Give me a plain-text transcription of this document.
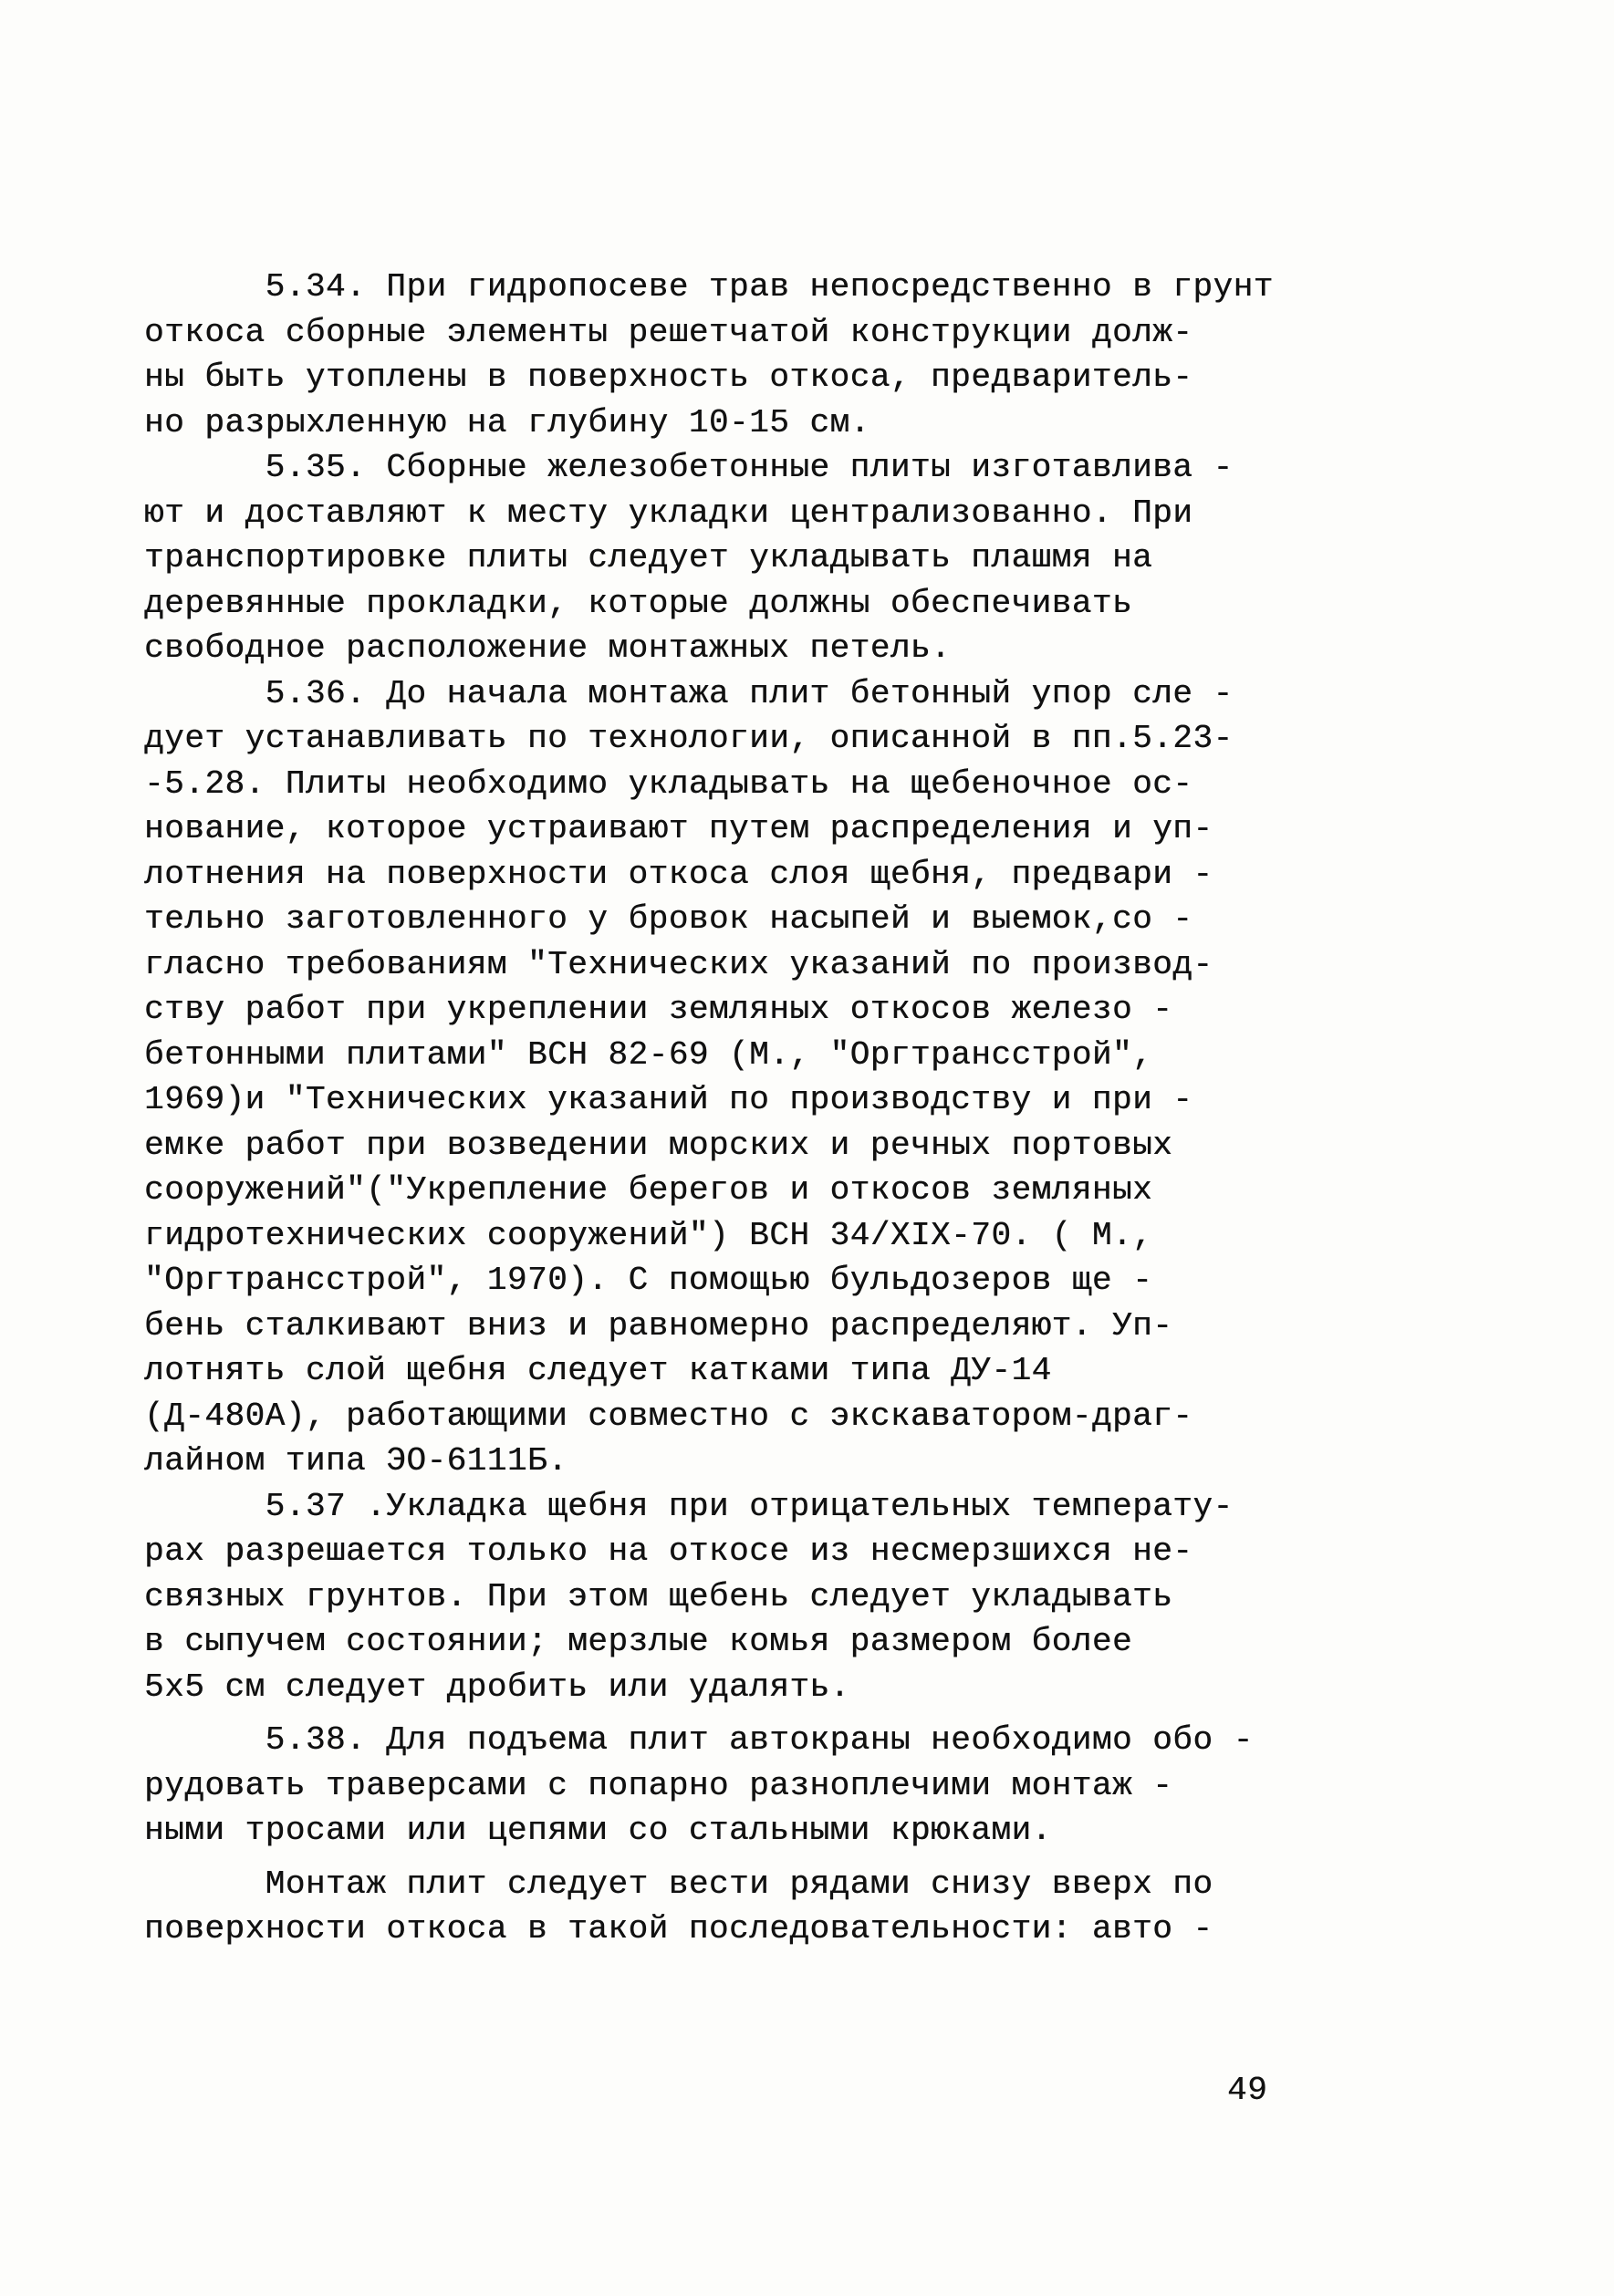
5.34. При гидропосеве трав непосредственно в грунт
откоса сборные элементы решетчатой конструкции долж-
ны быть утоплены в поверхность откоса, предваритель-
но разрыхленную на глубину 10-15 см.
5.35. Сборные железобетонные плиты изготавлива -
ют и доставляют к месту укладки централизованно. При
транспортировке плиты следует укладывать плашмя на
деревянные прокладки, которые должны обеспечивать
свободное расположение монтажных петель.
5.36. До начала монтажа плит бетонный упор сле -
дует устанавливать по технологии, описанной в пп.5.23-
-5.28. Плиты необходимо укладывать на щебеночное ос-
нование, которое устраивают путем распределения и уп-
лотнения на поверхности откоса слоя щебня, предвари -
тельно заготовленного у бровок насыпей и выемок,со -
гласно требованиям "Технических указаний по производ-
ству работ при укреплении земляных откосов железо -
бетонными плитами" ВСН 82-69 (М., "Оргтрансстрой",
1969)и "Технических указаний по производству и при -
емке работ при возведении морских и речных портовых
сооружений"("Укрепление берегов и откосов земляных
гидротехнических сооружений") ВСН 34/XIX-70. ( М.,
"Оргтрансстрой", 1970). С помощью бульдозеров ще -
бень сталкивают вниз и равномерно распределяют. Уп-
лотнять слой щебня следует катками типа ДУ-14
(Д-480А), работающими совместно с экскаватором-драг-
лайном типа ЭО-6111Б.
5.37 .Укладка щебня при отрицательных температу-
рах разрешается только на откосе из несмерзшихся не-
связных грунтов. При этом щебень следует укладывать
в сыпучем состоянии; мерзлые комья размером более
5х5 см следует дробить или удалять.
5.38. Для подъема плит автокраны необходимо обо -
рудовать траверсами с попарно разноплечими монтаж -
ными тросами или цепями со стальными крюками.
Монтаж плит следует вести рядами снизу вверх по
поверхности откоса в такой последовательности: авто -
49
